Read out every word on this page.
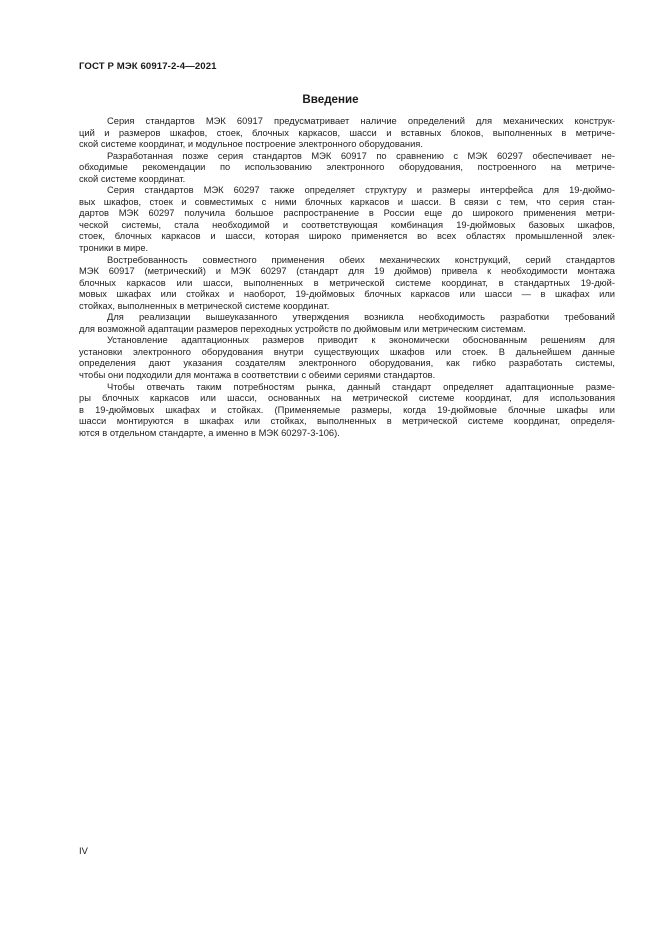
ГОСТ Р МЭК 60917-2-4—2021
Введение
Серия стандартов МЭК 60917 предусматривает наличие определений для механических конструк-
ций и размеров шкафов, стоек, блочных каркасов, шасси и вставных блоков, выполненных в метриче-
ской системе координат, и модульное построение электронного оборудования.
Разработанная позже серия стандартов МЭК 60917 по сравнению с МЭК 60297 обеспечивает не-
обходимые рекомендации по использованию электронного оборудования, построенного на метриче-
ской системе координат.
Серия стандартов МЭК 60297 также определяет структуру и размеры интерфейса для 19-дюймо-
вых шкафов, стоек и совместимых с ними блочных каркасов и шасси. В связи с тем, что серия стан-
дартов МЭК 60297 получила большое распространение в России еще до широкого применения метри-
ческой системы, стала необходимой и соответствующая комбинация 19-дюймовых базовых шкафов,
стоек, блочных каркасов и шасси, которая широко применяется во всех областях промышленной элек-
троники в мире.
Востребованность совместного применения обеих механических конструкций, серий стандартов
МЭК 60917 (метрический) и МЭК 60297 (стандарт для 19 дюймов) привела к необходимости монтажа
блочных каркасов или шасси, выполненных в метрической системе координат, в стандартных 19-дюй-
мовых шкафах или стойках и наоборот, 19-дюймовых блочных каркасов или шасси — в шкафах или
стойках, выполненных в метрической системе координат.
Для реализации вышеуказанного утверждения возникла необходимость разработки требований
для возможной адаптации размеров переходных устройств по дюймовым или метрическим системам.
Установление адаптационных размеров приводит к экономически обоснованным решениям для
установки электронного оборудования внутри существующих шкафов или стоек. В дальнейшем данные
определения дают указания создателям электронного оборудования, как гибко разработать системы,
чтобы они подходили для монтажа в соответствии с обеими сериями стандартов.
Чтобы отвечать таким потребностям рынка, данный стандарт определяет адаптационные разме-
ры блочных каркасов или шасси, основанных на метрической системе координат, для использования
в 19-дюймовых шкафах и стойках. (Применяемые размеры, когда 19-дюймовые блочные шкафы или
шасси монтируются в шкафах или стойках, выполненных в метрической системе координат, определя-
ются в отдельном стандарте, а именно в МЭК 60297-3-106).
IV
